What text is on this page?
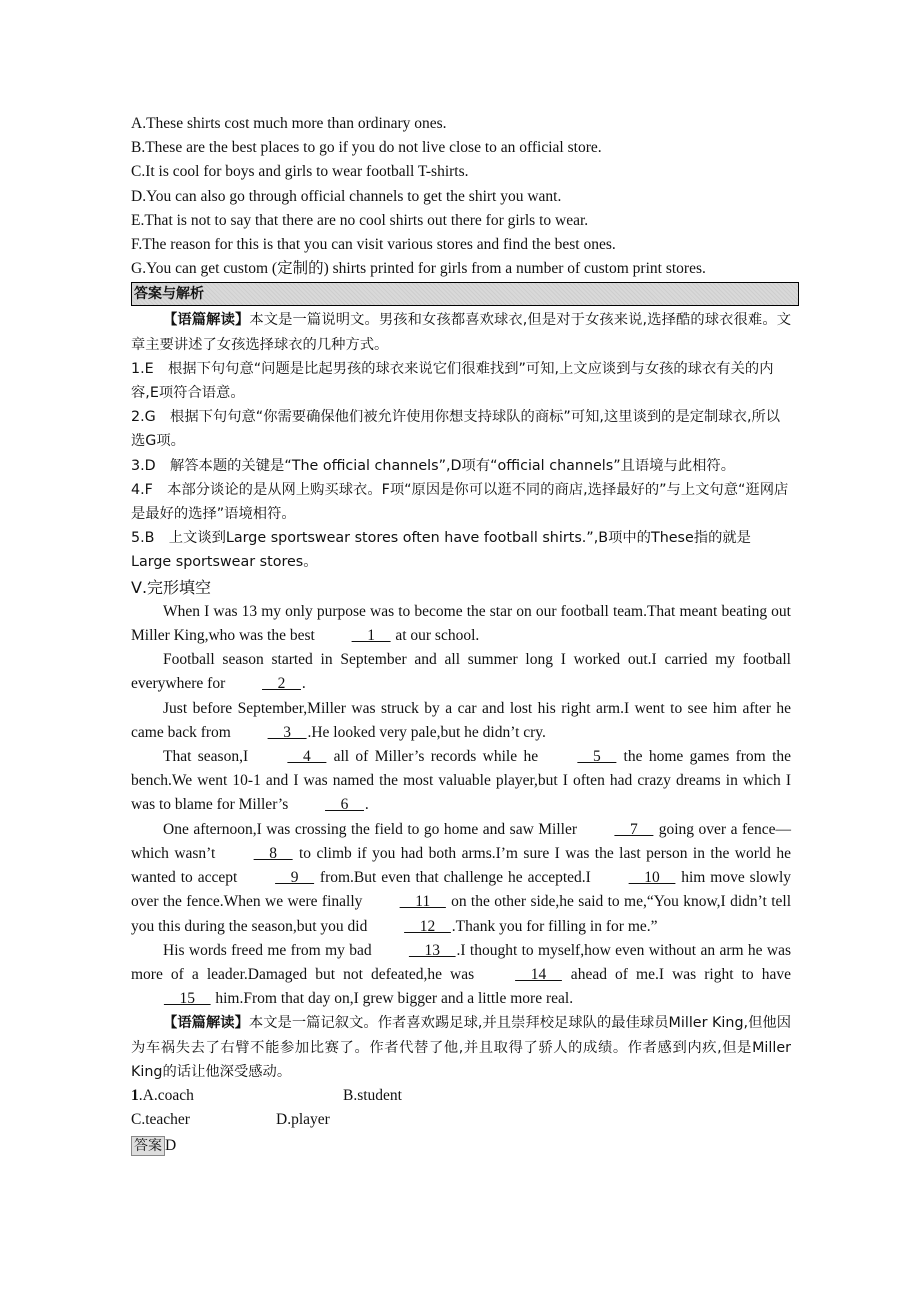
A.These shirts cost much more than ordinary ones.
B.These are the best places to go if you do not live close to an official store.
C.It is cool for boys and girls to wear football T-shirts.
D.You can also go through official channels to get the shirt you want.
E.That is not to say that there are no cool shirts out there for girls to wear.
F.The reason for this is that you can visit various stores and find the best ones.
G.You can get custom (定制的) shirts printed for girls from a number of custom print stores.
答案与解析
【语篇解读】本文是一篇说明文。男孩和女孩都喜欢球衣,但是对于女孩来说,选择酷的球衣很难。文章主要讲述了女孩选择球衣的几种方式。
1.E　根据下句句意“问题是比起男孩的球衣来说它们很难找到”可知,上文应谈到与女孩的球衣有关的内容,E项符合语意。
2.G　根据下句句意“你需要确保他们被允许使用你想支持球队的商标”可知,这里谈到的是定制球衣,所以选G项。
3.D　解答本题的关键是“The official channels”,D项有“official channels”且语境与此相符。
4.F　本部分谈论的是从网上购买球衣。F项“原因是你可以逛不同的商店,选择最好的”与上文句意“逛网店是最好的选择”语境相符。
5.B　上文谈到Large sportswear stores often have football shirts.”,B项中的These指的就是Large sportswear stores。
Ⅴ.完形填空
When I was 13 my only purpose was to become the star on our football team.That meant beating out Miller King,who was the best __1__ at our school.
Football season started in September and all summer long I worked out.I carried my football everywhere for __2__.
Just before September,Miller was struck by a car and lost his right arm.I went to see him after he came back from __3__.He looked very pale,but he didn’t cry.
That season,I __4__ all of Miller’s records while he __5__ the home games from the bench.We went 10-1 and I was named the most valuable player,but I often had crazy dreams in which I was to blame for Miller’s __6__.
One afternoon,I was crossing the field to go home and saw Miller __7__ going over a fence—which wasn’t __8__ to climb if you had both arms.I’m sure I was the last person in the world he wanted to accept __9__ from.But even that challenge he accepted.I __10__ him move slowly over the fence.When we were finally __11__ on the other side,he said to me,“You know,I didn’t tell you this during the season,but you did __12__.Thank you for filling in for me.”
His words freed me from my bad __13__.I thought to myself,how even without an arm he was more of a leader.Damaged but not defeated,he was __14__ ahead of me.I was right to have __15__ him.From that day on,I grew bigger and a little more real.
【语篇解读】本文是一篇记叙文。作者喜欢踢足球,并且崇拜校足球队的最佳球员Miller King,但他因为车祸失去了右臂不能参加比赛了。作者代替了他,并且取得了骄人的成绩。作者感到内疚,但是Miller King的话让他深受感动。
1.A.coach	B.student
C.teacher	D.player
答案 D
